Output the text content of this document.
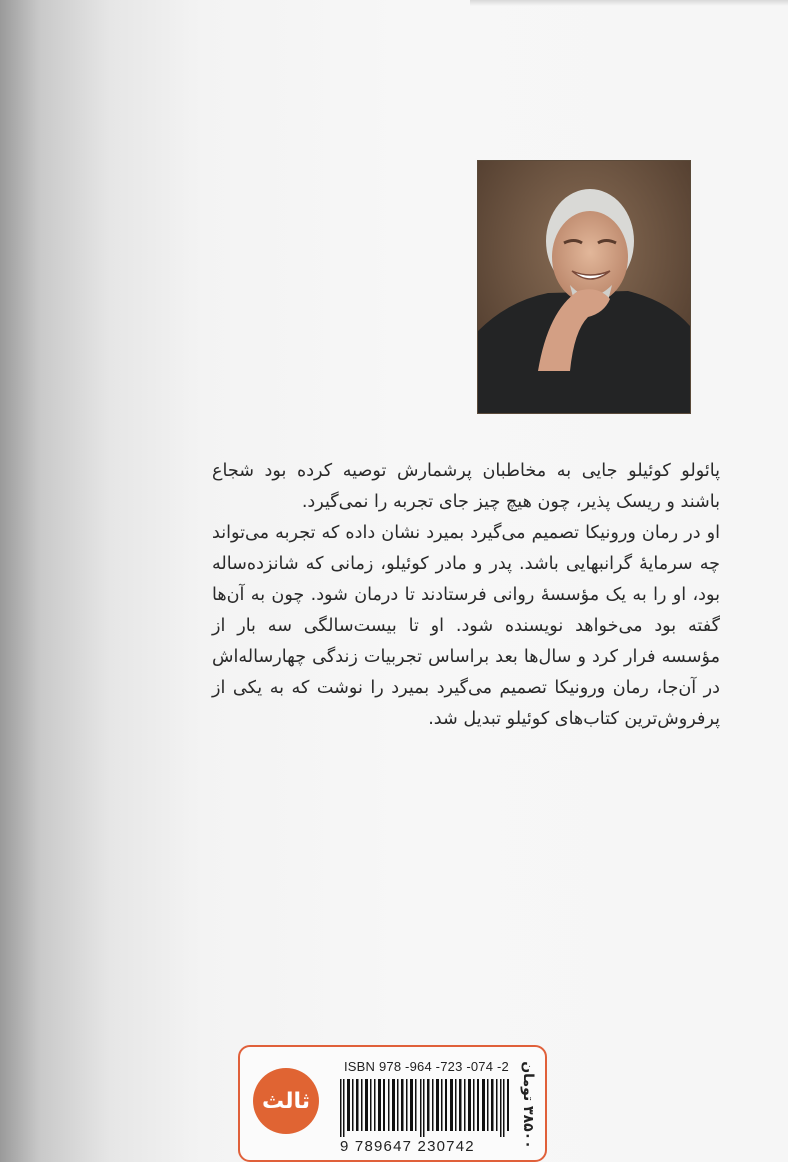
پائولو کوئیلو جایی به مخاطبان پرشمارش توصیه کرده بود شجاع باشند و ریسک پذیر، چون هیچ چیز جای تجربه را نمی‌گیرد.

او در رمان ورونیکا تصمیم می‌گیرد بمیرد نشان داده که تجربه می‌تواند چه سرمایهٔ گرانبهایی باشد. پدر و مادر کوئیلو، زمانی که شانزده‌ساله بود، او را به یک مؤسسهٔ روانی فرستادند تا درمان شود. چون به آن‌ها گفته بود می‌خواهد نویسنده شود. او تا بیست‌سالگی سه بار از مؤسسه فرار کرد و سال‌ها بعد براساس تجربیات زندگی چهارساله‌اش در آن‌جا، رمان ورونیکا تصمیم می‌گیرد بمیرد را نوشت که به یکی از پرفروش‌ترین کتاب‌های کوئیلو تبدیل شد.

ثالث
ISBN 978 -964 -723 -074 -2
9 789647 230742
۳۸۵۰۰ تومان
